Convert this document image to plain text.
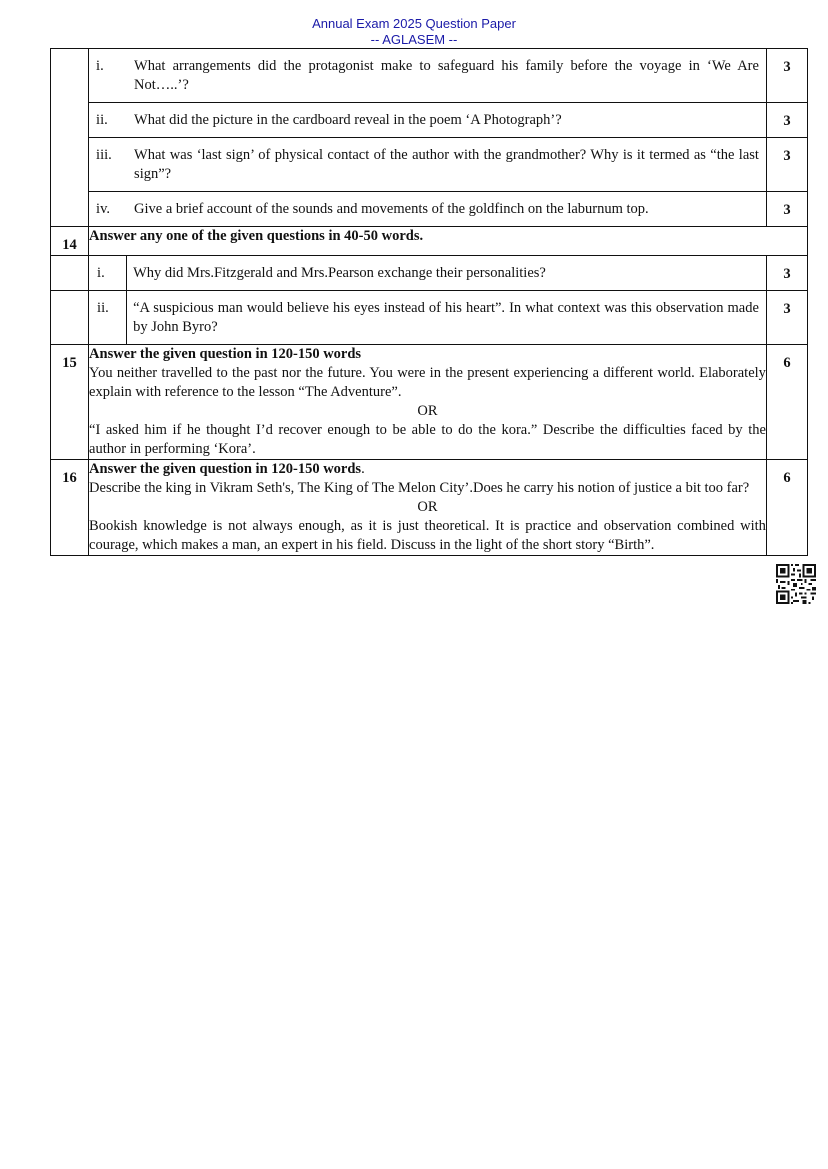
Annual Exam 2025 Question Paper
-- AGLASEM --

	i. What arrangements did the protagonist make to safeguard his family before the voyage in ‘We Are Not…..’?		3

	ii. What did the picture in the cardboard reveal in the poem ‘A Photograph’?		3

	iii. What was ‘last sign’ of physical contact of the author with the grandmother? Why is it termed as “the last sign”?		3

	iv. Give a brief account of the sounds and movements of the goldfinch on the laburnum top.		3
14	Answer any one of the given questions in 40-50 words.		
	i.	Why did Mrs.Fitzgerald and Mrs.Pearson exchange their personalities?	3
	ii.	“A suspicious man would believe his eyes instead of his heart”. In what context was this observation made by John Byro?	3
15	Answer the given question in 120-150 words
You neither travelled to the past nor the future. You were in the present experiencing a different world. Elaborately explain with reference to the lesson “The Adventure”.
OR
“I asked him if he thought I’d recover enough to be able to do the kora.” Describe the difficulties faced by the author in performing ‘Kora’.		6
16	Answer the given question in 120-150 words.
Describe the king in Vikram Seth's, The King of The Melon City’.Does he carry his notion of justice a bit too far?
OR
Bookish knowledge is not always enough, as it is just theoretical. It is practice and observation combined with courage, which makes a man, an expert in his field. Discuss in the light of the short story “Birth”.		6
